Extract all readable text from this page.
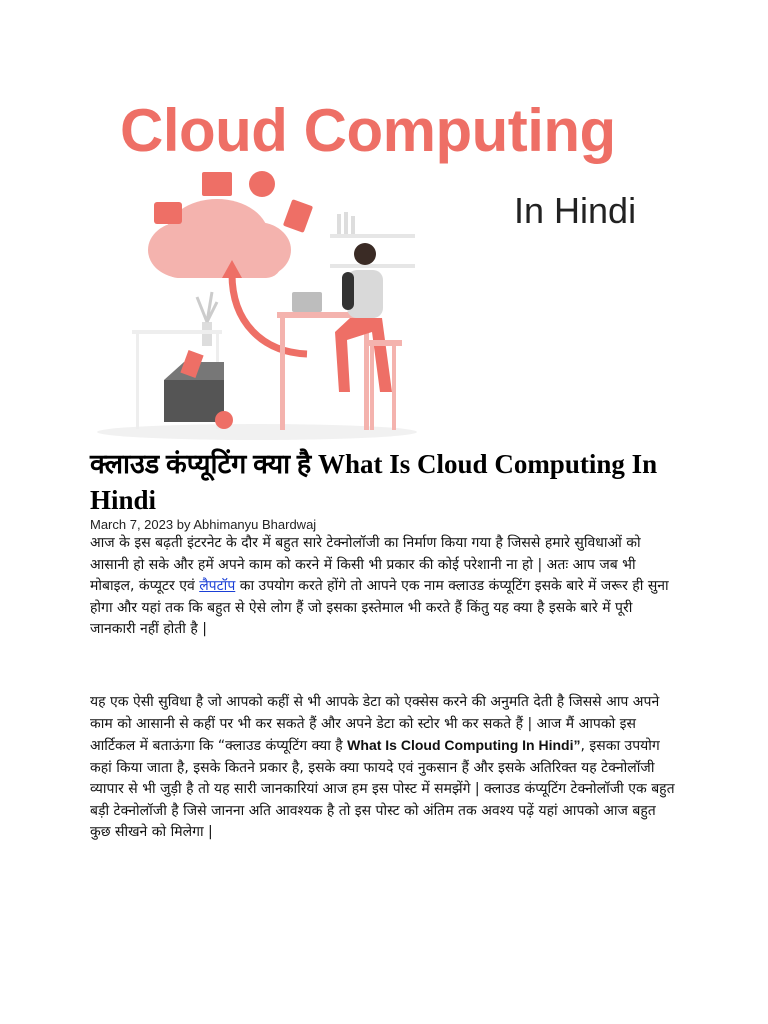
Cloud Computing
In Hindi
क्लाउड कंप्यूटिंग क्या है What Is Cloud Computing In Hindi
March 7, 2023 by Abhimanyu Bhardwaj

आज के इस बढ़ती इंटरनेट के दौर में बहुत सारे टेक्नोलॉजी का निर्माण किया गया है जिससे हमारे सुविधाओं को आसानी हो सके और हमें अपने काम को करने में किसी भी प्रकार की कोई परेशानी ना हो | अतः आप जब भी मोबाइल, कंप्यूटर एवं लैपटॉप का उपयोग करते होंगे तो आपने एक नाम क्लाउड कंप्यूटिंग इसके बारे में जरूर ही सुना होगा और यहां तक कि बहुत से ऐसे लोग हैं जो इसका इस्तेमाल भी करते हैं किंतु यह क्या है इसके बारे में पूरी जानकारी नहीं होती है |

यह एक ऐसी सुविधा है जो आपको कहीं से भी आपके डेटा को एक्सेस करने की अनुमति देती है जिससे आप अपने काम को आसानी से कहीं पर भी कर सकते हैं और अपने डेटा को स्टोर भी कर सकते हैं | आज मैं आपको इस आर्टिकल में बताऊंगा कि “क्लाउड कंप्यूटिंग क्या है What Is Cloud Computing In Hindi”, इसका उपयोग कहां किया जाता है, इसके कितने प्रकार है, इसके क्या फायदे एवं नुकसान हैं और इसके अतिरिक्त यह टेक्नोलॉजी व्यापार से भी जुड़ी है तो यह सारी जानकारियां आज हम इस पोस्ट में समझेंगे | क्लाउड कंप्यूटिंग टेक्नोलॉजी एक बहुत बड़ी टेक्नोलॉजी है जिसे जानना अति आवश्यक है तो इस पोस्ट को अंतिम तक अवश्य पढ़ें यहां आपको आज बहुत कुछ सीखने को मिलेगा |
